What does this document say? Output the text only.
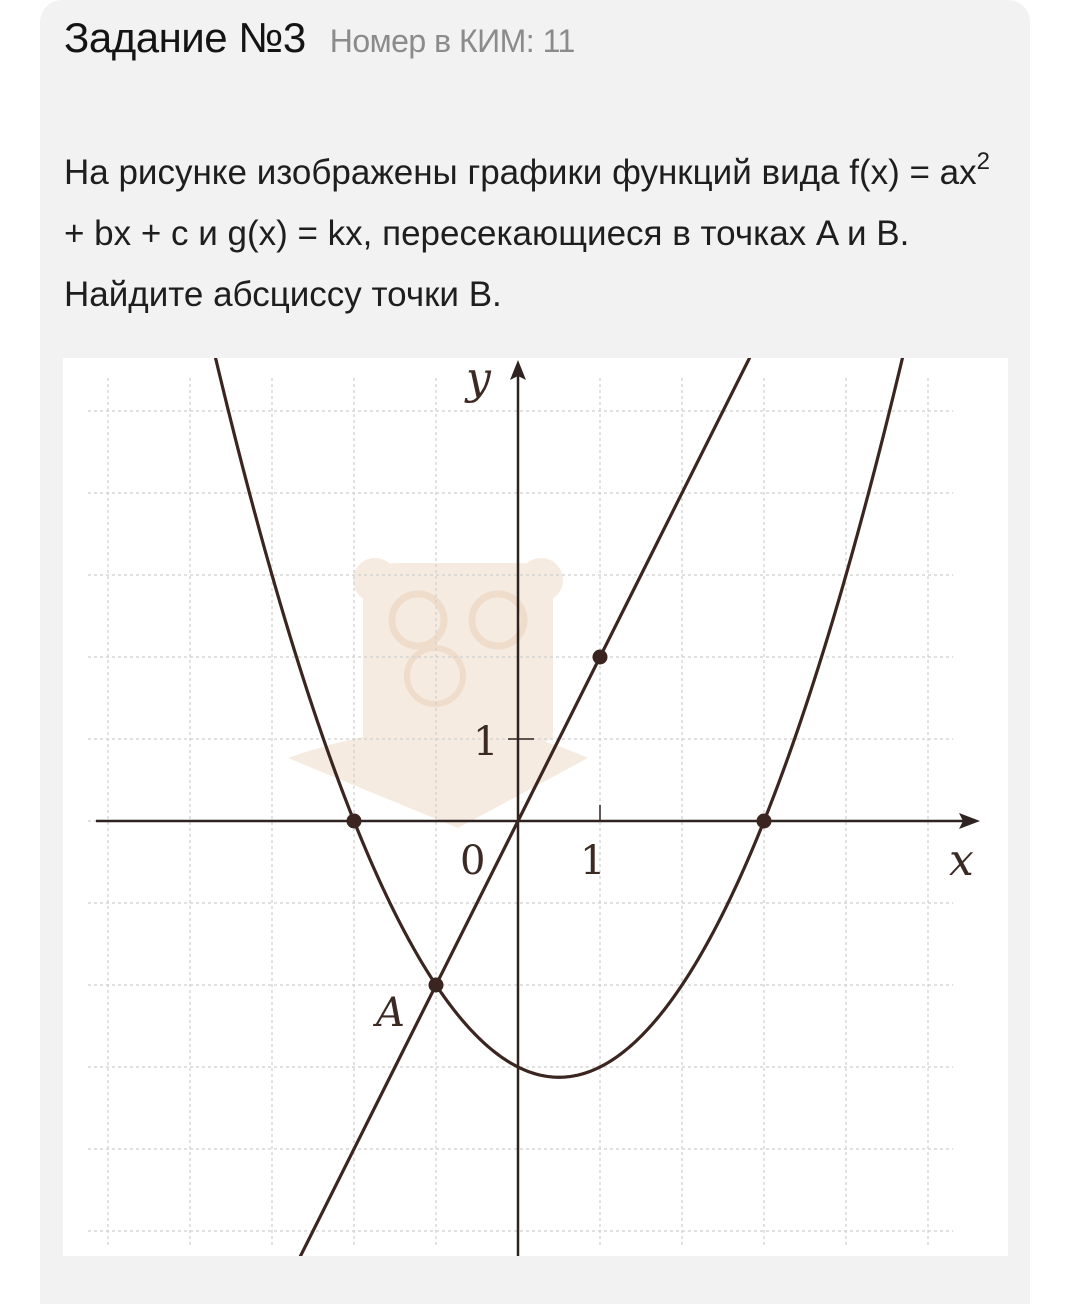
Задание №3 Номер в КИМ: 11
На рисунке изображены графики функций вида $f(x) = ax^2$ + bx + c и g(x) = kx, пересекающиеся в точках A и B. Найдите абсциссу точки B.
y
x
0 1
1
A
